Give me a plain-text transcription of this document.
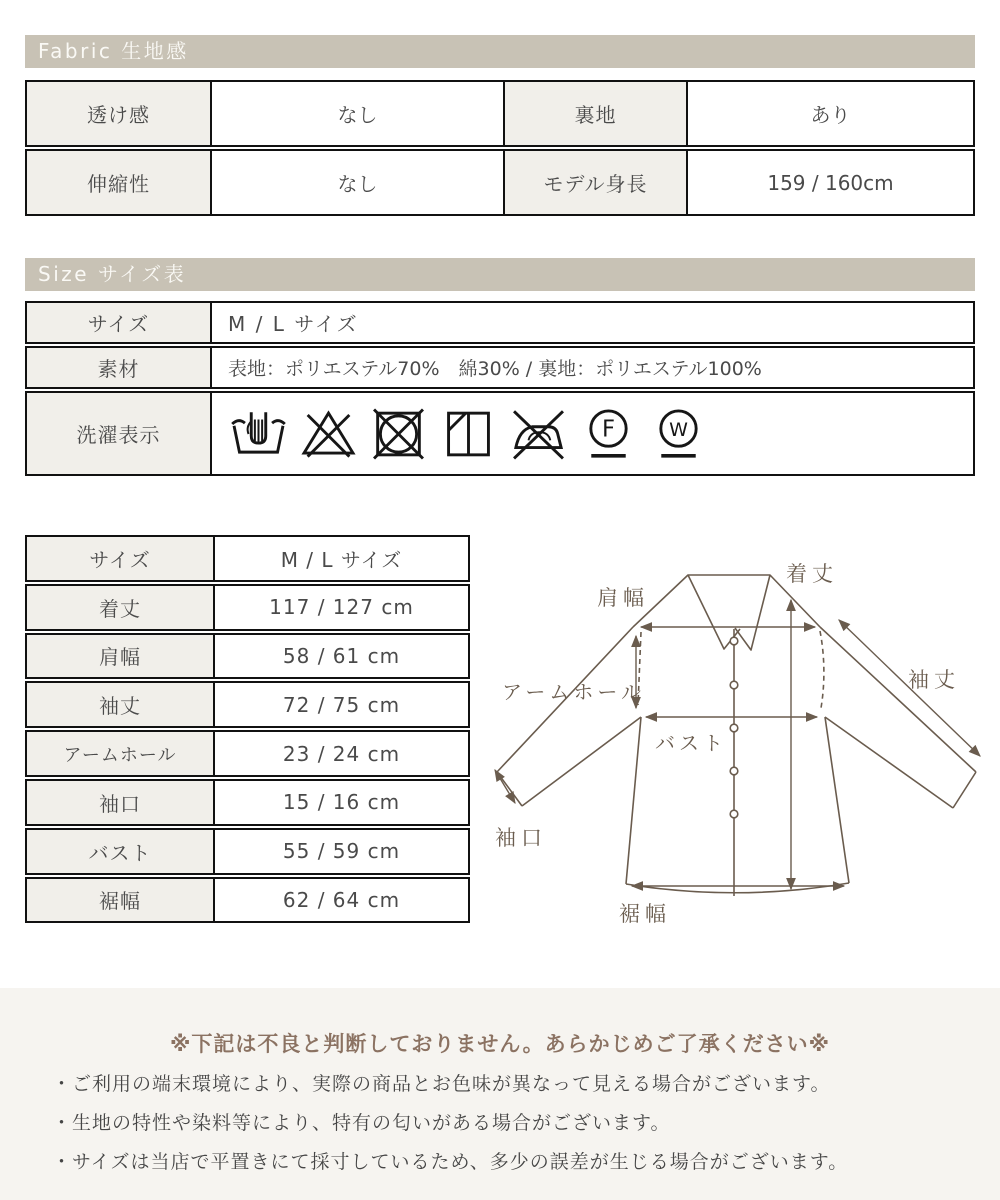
Fabric 生地感
透け感	なし	裏地	あり
伸縮性	なし	モデル身長	159 / 160cm
Size サイズ表
サイズ	M / L サイズ
素材	表地：ポリエステル70%　綿30% / 裏地：ポリエステル100%
洗濯表示	F	W
サイズ	M / L サイズ
着丈	117 / 127 cm
肩幅	58 / 61 cm
袖丈	72 / 75 cm
アームホール	23 / 24 cm
袖口	15 / 16 cm
バスト	55 / 59 cm
裾幅	62 / 64 cm
着丈
肩幅
袖丈
アームホール
バスト
袖口
裾幅
※下記は不良と判断しておりません。あらかじめご了承ください※
・ご利用の端末環境により、実際の商品とお色味が異なって見える場合がございます。
・生地の特性や染料等により、特有の匂いがある場合がございます。
・サイズは当店で平置きにて採寸しているため、多少の誤差が生じる場合がございます。
